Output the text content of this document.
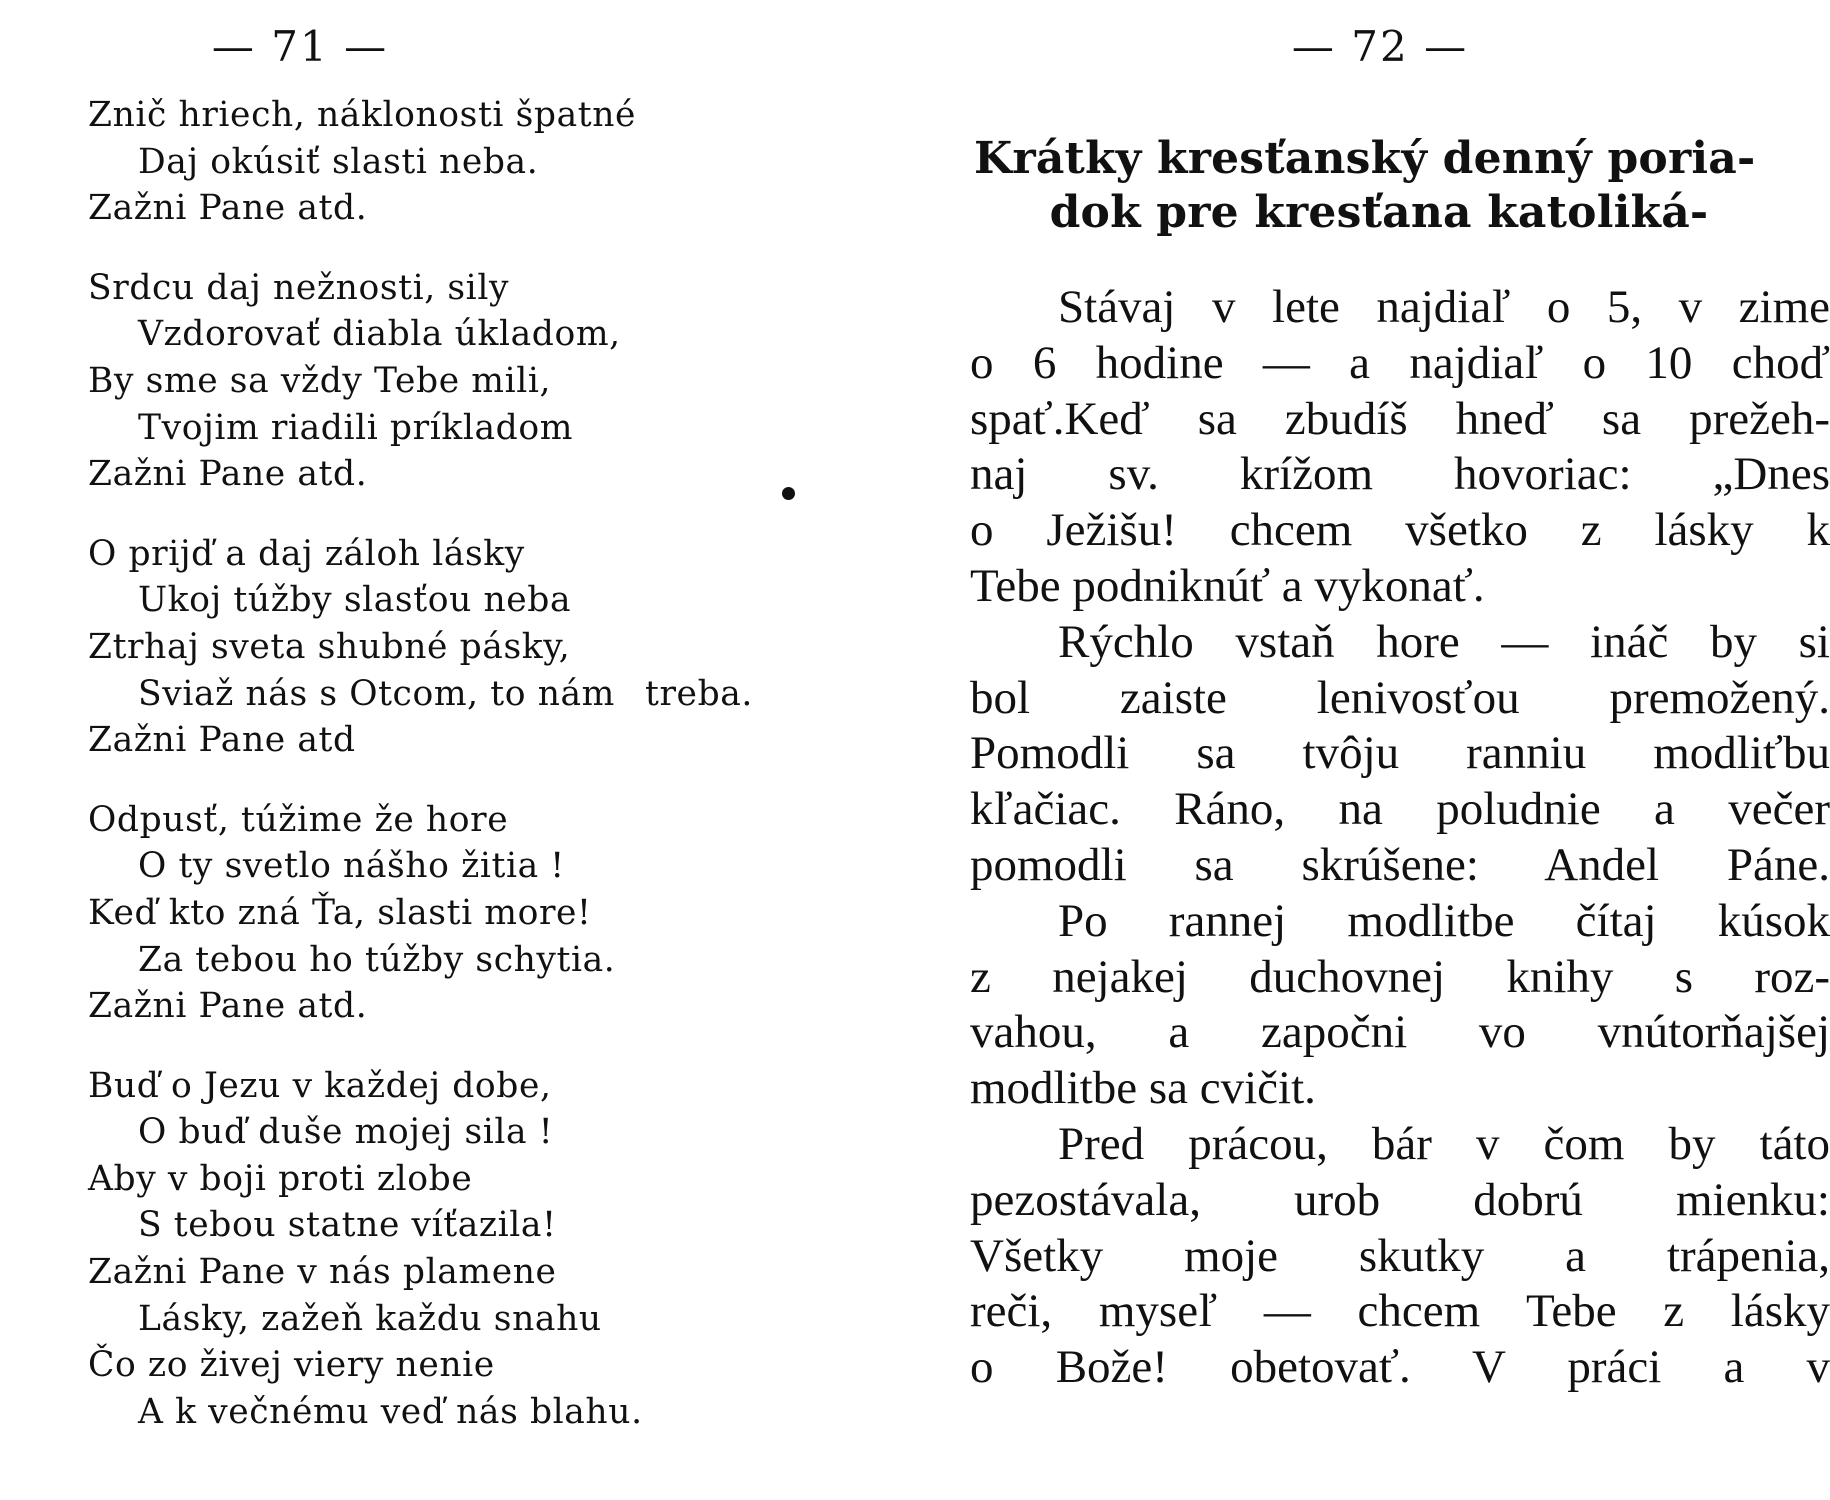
— 71 —
Znič hriech, náklonosti špatné
Daj okúsiť slasti neba.
Zažni Pane atd.
Srdcu daj nežnosti, sily
Vzdorovať diabla úkladom,
By sme sa vždy Tebe mili,
Tvojim riadili príkladom
Zažni Pane atd.
O prijď a daj záloh lásky
Ukoj túžby slasťou neba
Ztrhaj sveta shubné pásky,
Sviaž nás s Otcom, to nám treba.
Zažni Pane atd
Odpusť, túžime že hore
O ty svetlo nášho žitia !
Keď kto zná Ťa, slasti more!
Za tebou ho túžby schytia.
Zažni Pane atd.
Buď o Jezu v každej dobe,
O buď duše mojej sila !
Aby v boji proti zlobe
S tebou statne víťazila!
Zažni Pane v nás plamene
Lásky, zažeň každu snahu
Čo zo živej viery nenie
A k večnému veď nás blahu.
— 72 —
Krátky kresťanský denný poria-
dok pre kresťana katoliká-
Stávaj v lete najdiaľ o 5, v zime
o 6 hodine — a najdiaľ o 10 choď
spať.Keď sa zbudíš hneď sa prežeh-
naj sv. krížom hovoriac: „Dnes
o Ježišu! chcem všetko z lásky k
Tebe podniknúť a vykonať.
Rýchlo vstaň hore — ináč by si
bol zaiste lenivosťou premožený.
Pomodli sa tvôju ranniu modliťbu
kľačiac. Ráno, na poludnie a večer
pomodli sa skrúšene: Andel Páne.
Po rannej modlitbe čítaj kúsok
z nejakej duchovnej knihy s roz-
vahou, a započni vo vnútorňajšej
modlitbe sa cvičit.
Pred prácou, bár v čom by táto
pezostávala, urob dobrú mienku:
Všetky moje skutky a trápenia,
reči, myseľ — chcem Tebe z lásky
o Bože! obetovať. V práci a v
